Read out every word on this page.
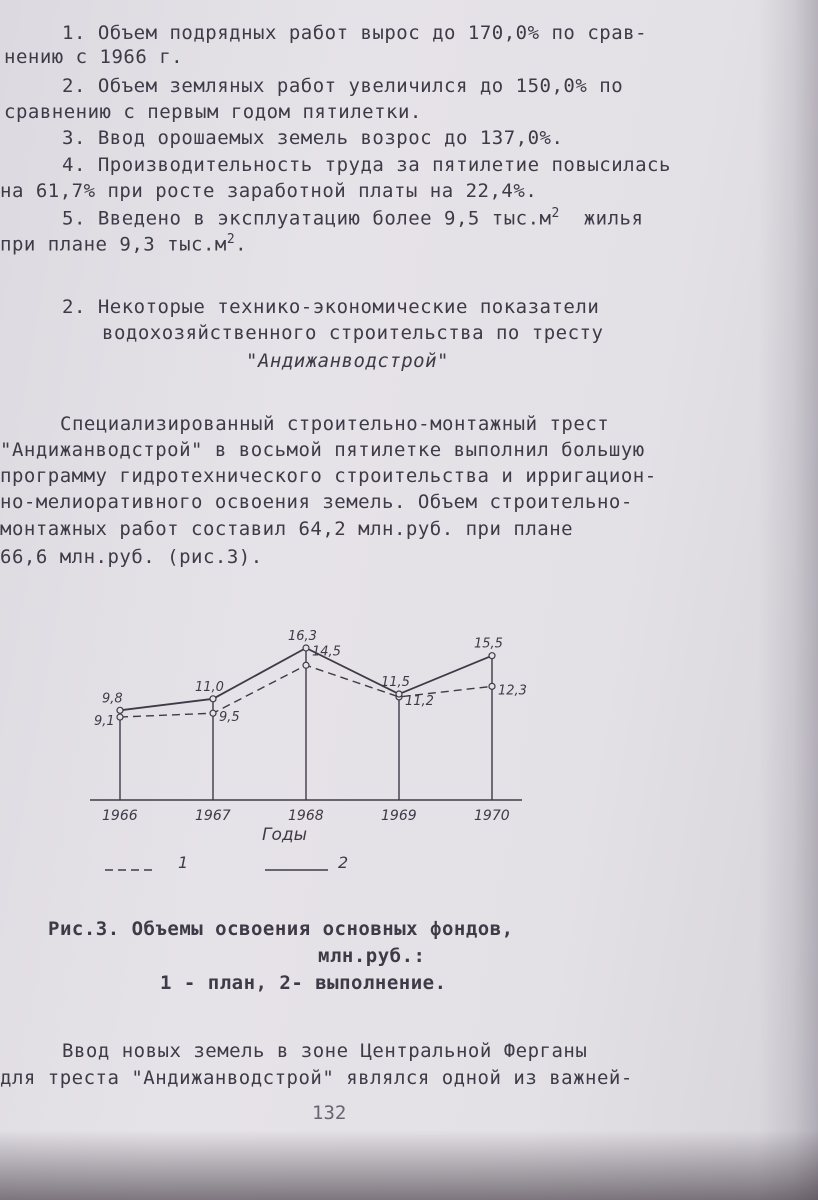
1. Объем подрядных работ вырос до 170,0% по срав-
нению с 1966 г.
2. Объем земляных работ увеличился до 150,0% по
сравнению с первым годом пятилетки.
3. Ввод орошаемых земель возрос до 137,0%.
4. Производительность труда за пятилетие повысилась
на 61,7% при росте заработной платы на 22,4%.
5. Введено в эксплуатацию более 9,5 $тыс.м^2$ жилья
при плане 9,3 $тыс.м^2$.
2. Некоторые технико-экономические показатели
водохозяйственного строительства по тресту
"Андижанводстрой"
Специализированный строительно-монтажный трест
"Андижанводстрой" в восьмой пятилетке выполнил большую
программу гидротехнического строительства и ирригацион-
но-мелиоративного освоения земель. Объем строительно-
монтажных работ составил 64,2 млн.руб. при плане
66,6 млн.руб. (рис.3).
1966	1967	1968	1969	1970
Годы
9,1	9,5
14,5
11,2
12,3
9,8
11,0
16,3
11,5
15,5
1	2
Рис.3. Объемы освоения основных фондов,
млн.руб.:
1 - план, 2- выполнение.
Ввод новых земель в зоне Центральной Ферганы
для треста "Андижанводстрой" являлся одной из важней-
132
